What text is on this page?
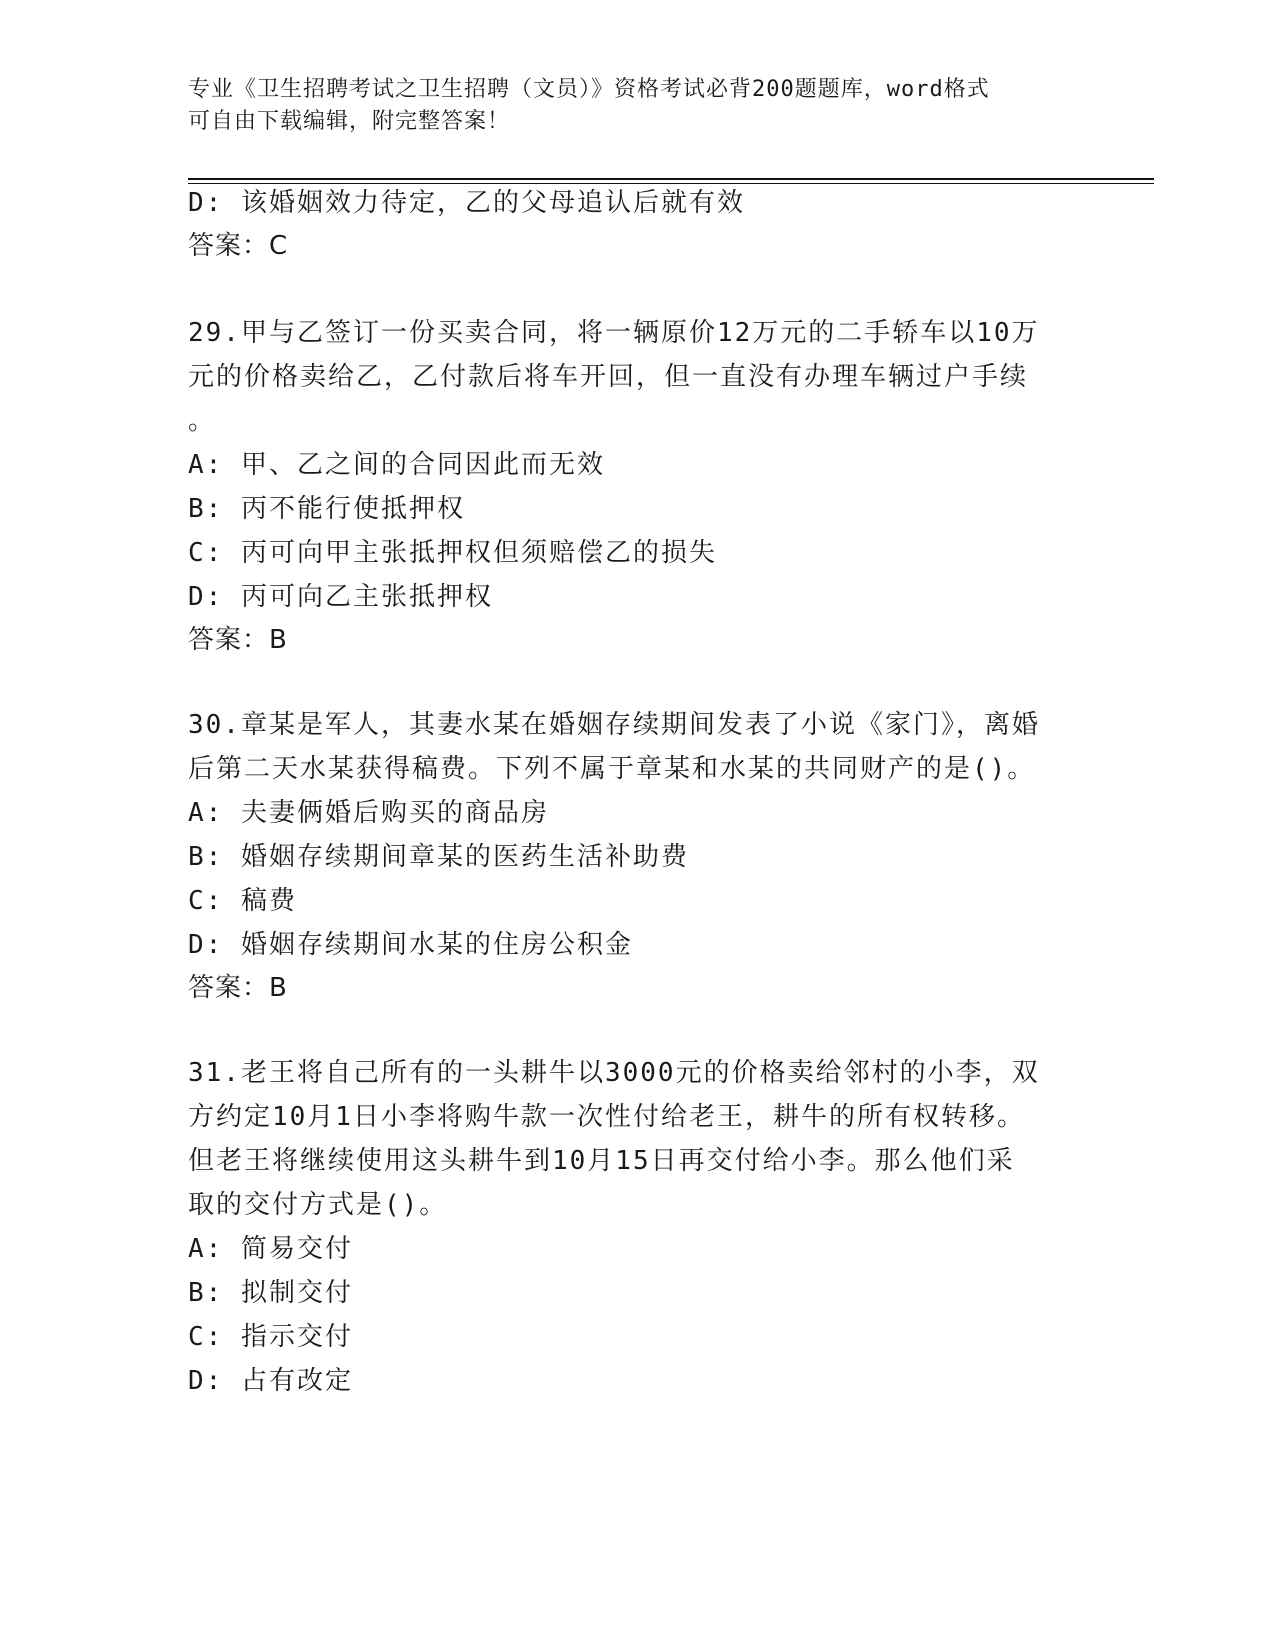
专业《卫生招聘考试之卫生招聘（文员）》资格考试必背200题题库，word格式
可自由下载编辑，附完整答案！
D: 该婚姻效力待定，乙的父母追认后就有效
答案：C
29.甲与乙签订一份买卖合同，将一辆原价12万元的二手轿车以10万
元的价格卖给乙，乙付款后将车开回，但一直没有办理车辆过户手续
。
A: 甲、乙之间的合同因此而无效
B: 丙不能行使抵押权
C: 丙可向甲主张抵押权但须赔偿乙的损失
D: 丙可向乙主张抵押权
答案：B
30.章某是军人，其妻水某在婚姻存续期间发表了小说《家门》，离婚
后第二天水某获得稿费。下列不属于章某和水某的共同财产的是()。
A: 夫妻俩婚后购买的商品房
B: 婚姻存续期间章某的医药生活补助费
C: 稿费
D: 婚姻存续期间水某的住房公积金
答案：B
31.老王将自己所有的一头耕牛以3000元的价格卖给邻村的小李，双
方约定10月1日小李将购牛款一次性付给老王，耕牛的所有权转移。
但老王将继续使用这头耕牛到10月15日再交付给小李。那么他们采
取的交付方式是()。
A: 简易交付
B: 拟制交付
C: 指示交付
D: 占有改定
